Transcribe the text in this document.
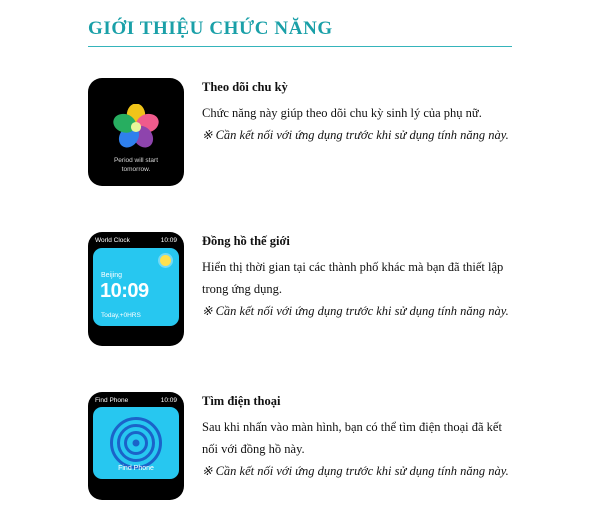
GIỚI THIỆU CHỨC NĂNG
Period will start
tomorrow.

Theo dõi chu kỳ

Chức năng này giúp theo dõi chu kỳ sinh lý của phụ nữ.

※ Cần kết nối với ứng dụng trước khi sử dụng tính năng này.

World Clock	10:09
Beijing
10:09
Today,+0HRS

Đồng hồ thế giới

Hiển thị thời gian tại các thành phố khác mà bạn đã thiết lập trong ứng dụng.

※ Cần kết nối với ứng dụng trước khi sử dụng tính năng này.

Find Phone	10:09
Find Phone

Tìm điện thoại

Sau khi nhấn vào màn hình, bạn có thể tìm điện thoại đã kết nối với đồng hồ này.

※ Cần kết nối với ứng dụng trước khi sử dụng tính năng này.
